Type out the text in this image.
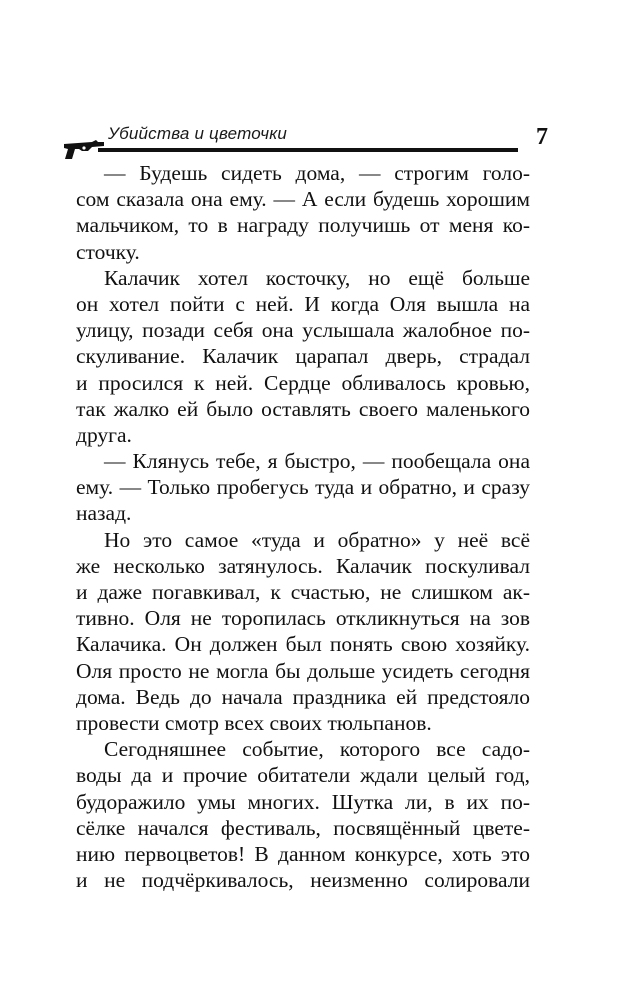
Убийства и цветочки	7
— Будешь сидеть дома, — строгим голо-
сом сказала она ему. — А если будешь хорошим
мальчиком, то в награду получишь от меня ко-
сточку.
Калачик хотел косточку, но ещё больше
он хотел пойти с ней. И когда Оля вышла на
улицу, позади себя она услышала жалобное по-
скуливание. Калачик царапал дверь, страдал
и просился к ней. Сердце обливалось кровью,
так жалко ей было оставлять своего маленького
друга.
— Клянусь тебе, я быстро, — пообещала она
ему. — Только пробегусь туда и обратно, и сразу
назад.
Но это самое «туда и обратно» у неё всё
же несколько затянулось. Калачик поскуливал
и даже погавкивал, к счастью, не слишком ак-
тивно. Оля не торопилась откликнуться на зов
Калачика. Он должен был понять свою хозяйку.
Оля просто не могла бы дольше усидеть сегодня
дома. Ведь до начала праздника ей предстояло
провести смотр всех своих тюльпанов.
Сегодняшнее событие, которого все садо-
воды да и прочие обитатели ждали целый год,
будоражило умы многих. Шутка ли, в их по-
сёлке начался фестиваль, посвящённый цвете-
нию первоцветов! В данном конкурсе, хоть это
и не подчёркивалось, неизменно солировали
